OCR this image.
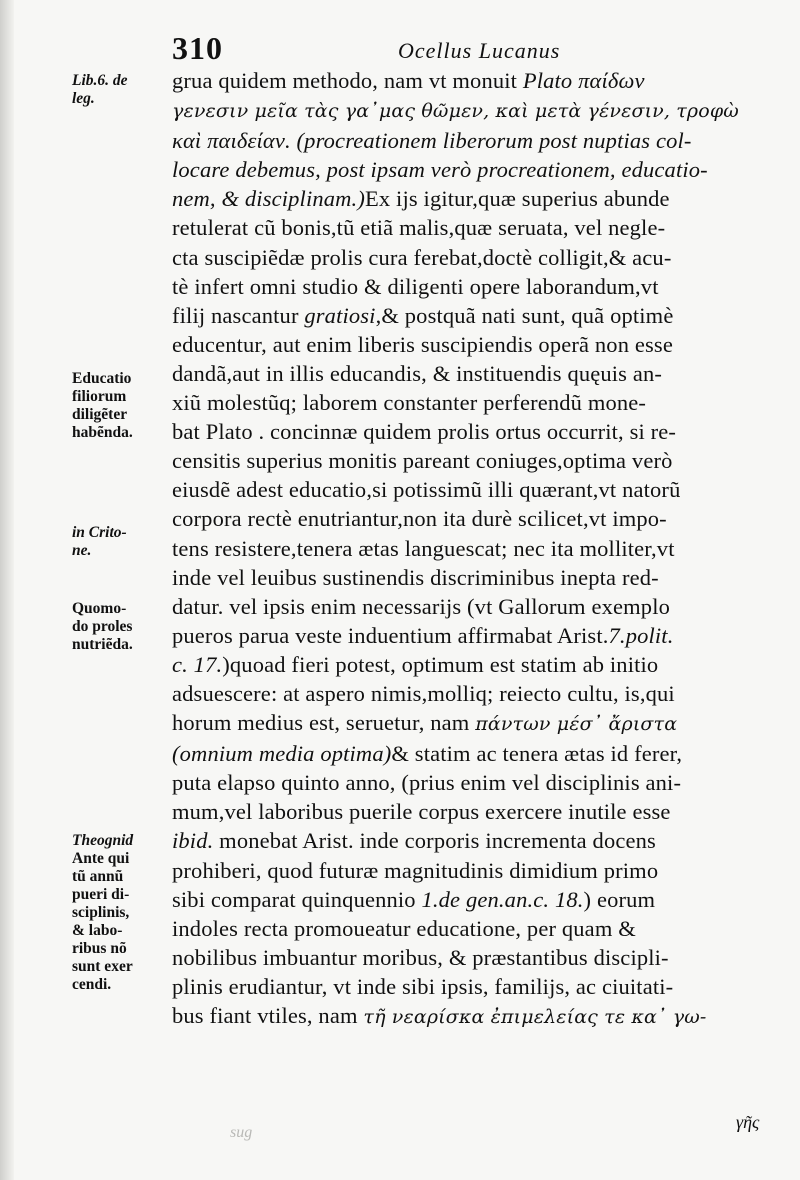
310	Ocellus Lucanus
Lib.6. de
leg.
Educatio
filiorum
diligẽter
habẽnda.
in Crito-
ne.
Quomo-
do proles
nutriẽda.
Theognid
Ante qui
tũ annũ
pueri di-
sciplinis,
& labo-
ribus nõ
sunt exer
cendi.
grua quidem methodo, nam vt monuit Plato παίδων
γενεσιν μεῖα τὰς γα᾽μας θῶμεν, καὶ μετὰ γένεσιν, τροφὼ
καὶ παιδείαν. (procreationem liberorum post nuptias col-
locare debemus, post ipsam verò procreationem, educatio-
nem, & disciplinam.)Ex ijs igitur,quæ superius abunde
retulerat cũ bonis,tũ etiã malis,quæ seruata, vel negle-
cta suscipiẽdæ prolis cura ferebat,doctè colligit,& acu-
tè infert omni studio & diligenti opere laborandum,vt
filij nascantur gratiosi,& postquã nati sunt, quã optimè
educentur, aut enim liberis suscipiendis operã non esse
dandã,aut in illis educandis, & instituendis quęuis an-
xiũ molestũq; laborem constanter perferendũ mone-
bat Plato . concinnæ quidem prolis ortus occurrit, si re-
censitis superius monitis pareant coniuges,optima verò
eiusdẽ adest educatio,si potissimũ illi quærant,vt natorũ
corpora rectè enutriantur,non ita durè scilicet,vt impo-
tens resistere,tenera ætas languescat; nec ita molliter,vt
inde vel leuibus sustinendis discriminibus inepta red-
datur. vel ipsis enim necessarijs (vt Gallorum exemplo
pueros parua veste induentium affirmabat Arist.7.polit.
c. 17.)quoad fieri potest, optimum est statim ab initio
adsuescere: at aspero nimis,molliq; reiecto cultu, is,qui
horum medius est, seruetur, nam πάντων μέσ᾽ ἄριστα
(omnium media optima)& statim ac tenera ætas id ferer,
puta elapso quinto anno, (prius enim vel disciplinis ani-
mum,vel laboribus puerile corpus exercere inutile esse
ibid. monebat Arist. inde corporis incrementa docens
prohiberi, quod futuræ magnitudinis dimidium primo
sibi comparat quinquennio 1.de gen.an.c. 18.) eorum
indoles recta promoueatur educatione, per quam &
nobilibus imbuantur moribus, & præstantibus discipli-
plinis erudiantur, vt inde sibi ipsis, familijs, ac ciuitati-
bus fiant vtiles, nam τῆ νεαρίσκα ἐπιμελείας τε κα᾽ γω-
γῆς
sug
